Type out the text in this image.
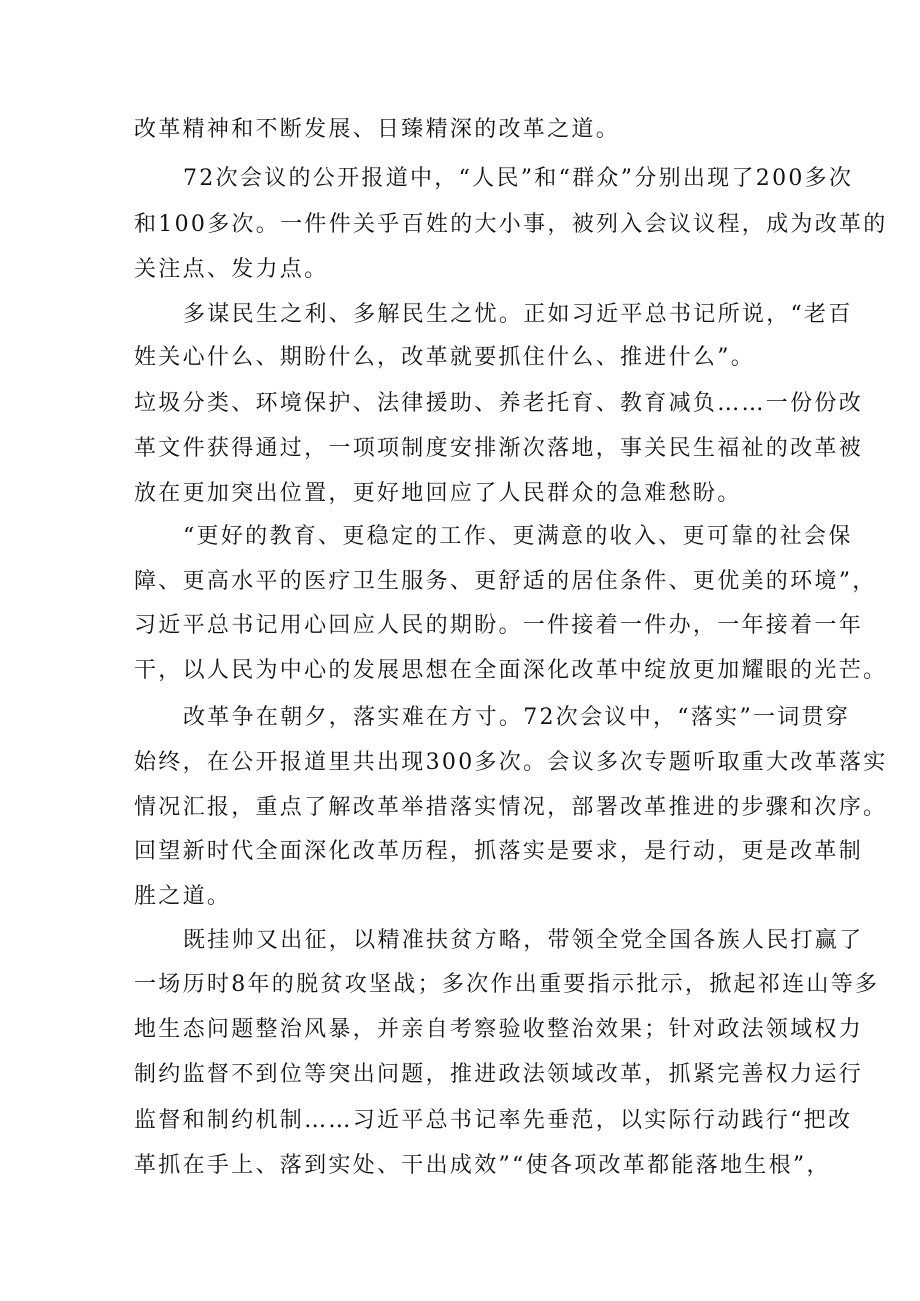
改革精神和不断发展、日臻精深的改革之道。
72次会议的公开报道中，“人民”和“群众”分别出现了200多次
和100多次。一件件关乎百姓的大小事，被列入会议议程，成为改革的
关注点、发力点。
多谋民生之利、多解民生之忧。正如习近平总书记所说，“老百
姓关心什么、期盼什么，改革就要抓住什么、推进什么”。
垃圾分类、环境保护、法律援助、养老托育、教育减负……一份份改
革文件获得通过，一项项制度安排渐次落地，事关民生福祉的改革被
放在更加突出位置，更好地回应了人民群众的急难愁盼。
“更好的教育、更稳定的工作、更满意的收入、更可靠的社会保
障、更高水平的医疗卫生服务、更舒适的居住条件、更优美的环境”，
习近平总书记用心回应人民的期盼。一件接着一件办，一年接着一年
干，以人民为中心的发展思想在全面深化改革中绽放更加耀眼的光芒。
改革争在朝夕，落实难在方寸。72次会议中，“落实”一词贯穿
始终，在公开报道里共出现300多次。会议多次专题听取重大改革落实
情况汇报，重点了解改革举措落实情况，部署改革推进的步骤和次序。
回望新时代全面深化改革历程，抓落实是要求，是行动，更是改革制
胜之道。
既挂帅又出征，以精准扶贫方略，带领全党全国各族人民打赢了
一场历时8年的脱贫攻坚战；多次作出重要指示批示，掀起祁连山等多
地生态问题整治风暴，并亲自考察验收整治效果；针对政法领域权力
制约监督不到位等突出问题，推进政法领域改革，抓紧完善权力运行
监督和制约机制……习近平总书记率先垂范，以实际行动践行“把改
革抓在手上、落到实处、干出成效”“使各项改革都能落地生根”，
